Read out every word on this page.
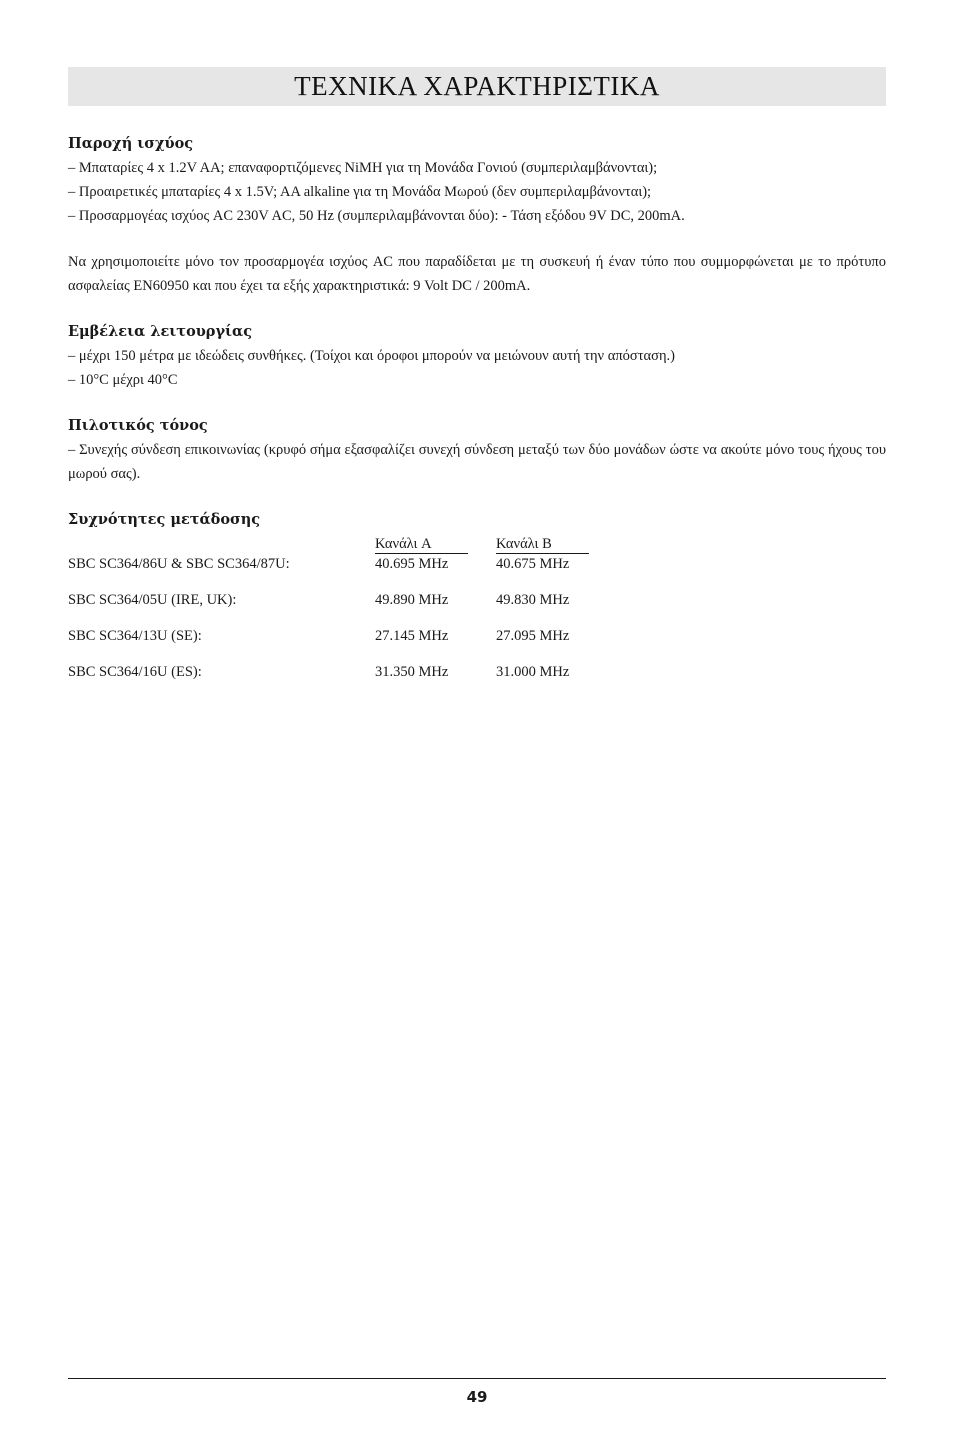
ΤΕΧΝΙΚΑ ΧΑΡΑΚΤΗΡΙΣΤΙΚΑ

Παροχή ισχύος

– Μπαταρίες 4 x 1.2V AA; επαναφορτιζόμενες NiMH για τη Μονάδα Γονιού (συμπεριλαμβάνονται);

– Προαιρετικές μπαταρίες 4 x 1.5V; AA alkaline για τη Μονάδα Μωρού (δεν συμπεριλαμβάνονται);

– Προσαρμογέας ισχύος AC 230V AC, 50 Hz (συμπεριλαμβάνονται δύο): - Τάση εξόδου 9V DC, 200mA.

Να χρησιμοποιείτε μόνο τον προσαρμογέα ισχύος AC που παραδίδεται με τη συσκευή ή έναν τύπο που συμμορφώνεται με το πρότυπο ασφαλείας EN60950 και που έχει τα εξής χαρακτηριστικά: 9 Volt DC / 200mA.

Εμβέλεια λειτουργίας

– μέχρι 150 μέτρα με ιδεώδεις συνθήκες. (Τοίχοι και όροφοι μπορούν να μειώνουν αυτή την απόσταση.)

– 10°C μέχρι 40°C

Πιλοτικός τόνος

– Συνεχής σύνδεση επικοινωνίας (κρυφό σήμα εξασφαλίζει συνεχή σύνδεση μεταξύ των δύο μονάδων ώστε να ακούτε μόνο τους ήχους του μωρού σας).

Συχνότητες μετάδοσης

	Κανάλι A	Κανάλι B
SBC SC364/86U & SBC SC364/87U:	40.695 MHz	40.675 MHz
SBC SC364/05U (IRE, UK):	49.890 MHz	49.830 MHz
SBC SC364/13U (SE):	27.145 MHz	27.095 MHz
SBC SC364/16U (ES):	31.350 MHz	31.000 MHz
49
